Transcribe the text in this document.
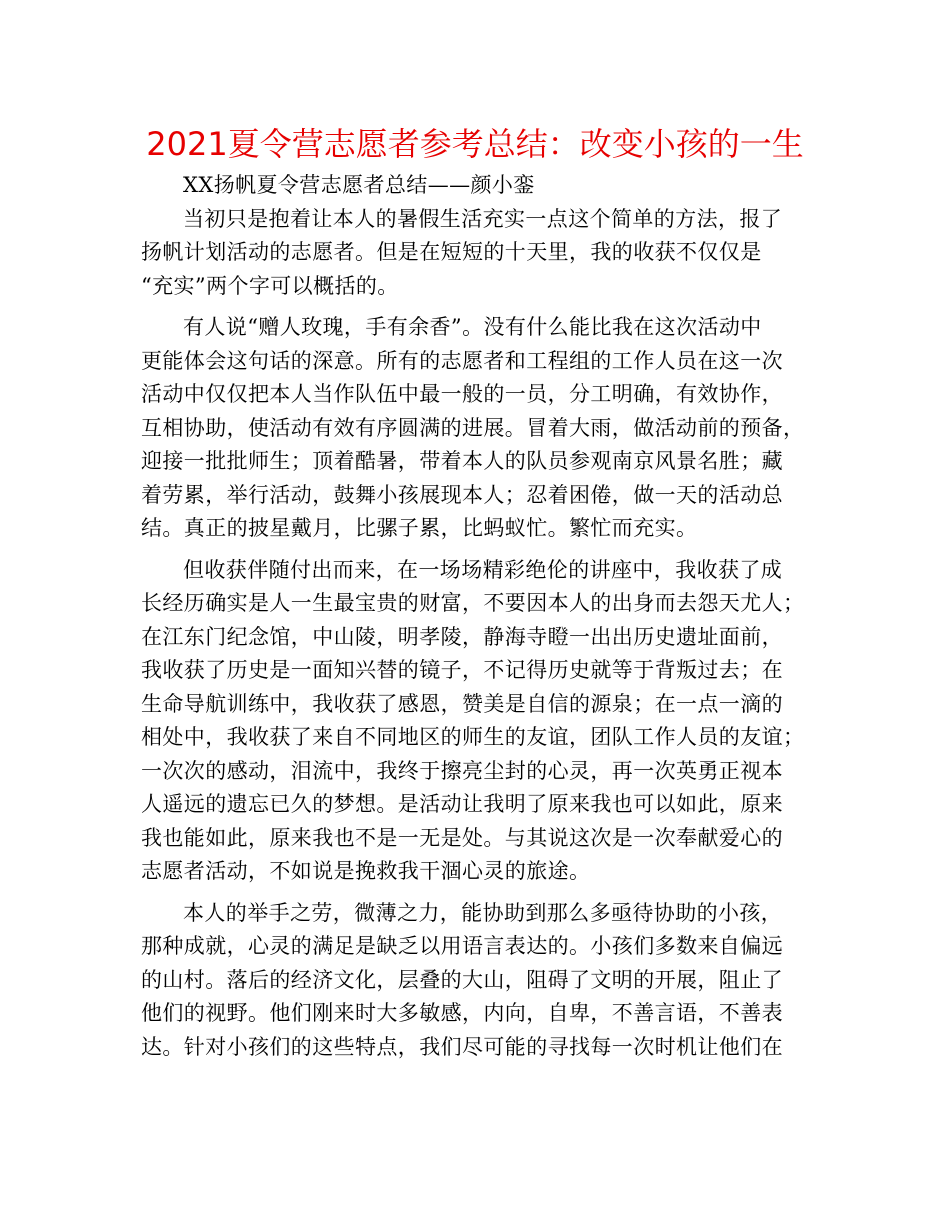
2021夏令营志愿者参考总结：改变小孩的一生
XX扬帆夏令营志愿者总结——颜小銮
当初只是抱着让本人的暑假生活充实一点这个简单的方法，报了
扬帆计划活动的志愿者。但是在短短的十天里，我的收获不仅仅是
“充实”两个字可以概括的。
有人说“赠人玫瑰，手有余香”。没有什么能比我在这次活动中
更能体会这句话的深意。所有的志愿者和工程组的工作人员在这一次
活动中仅仅把本人当作队伍中最一般的一员，分工明确，有效协作，
互相协助，使活动有效有序圆满的进展。冒着大雨，做活动前的预备，
迎接一批批师生；顶着酷暑，带着本人的队员参观南京风景名胜；藏
着劳累，举行活动，鼓舞小孩展现本人；忍着困倦，做一天的活动总
结。真正的披星戴月，比骡子累，比蚂蚁忙。繁忙而充实。
但收获伴随付出而来，在一场场精彩绝伦的讲座中，我收获了成
长经历确实是人一生最宝贵的财富，不要因本人的出身而去怨天尤人；
在江东门纪念馆，中山陵，明孝陵，静海寺瞪一出出历史遗址面前，
我收获了历史是一面知兴替的镜子，不记得历史就等于背叛过去；在
生命导航训练中，我收获了感恩，赞美是自信的源泉；在一点一滴的
相处中，我收获了来自不同地区的师生的友谊，团队工作人员的友谊；
一次次的感动，泪流中，我终于擦亮尘封的心灵，再一次英勇正视本
人遥远的遗忘已久的梦想。是活动让我明了原来我也可以如此，原来
我也能如此，原来我也不是一无是处。与其说这次是一次奉献爱心的
志愿者活动，不如说是挽救我干涸心灵的旅途。
本人的举手之劳，微薄之力，能协助到那么多亟待协助的小孩，
那种成就，心灵的满足是缺乏以用语言表达的。小孩们多数来自偏远
的山村。落后的经济文化，层叠的大山，阻碍了文明的开展，阻止了
他们的视野。他们刚来时大多敏感，内向，自卑，不善言语，不善表
达。针对小孩们的这些特点，我们尽可能的寻找每一次时机让他们在
